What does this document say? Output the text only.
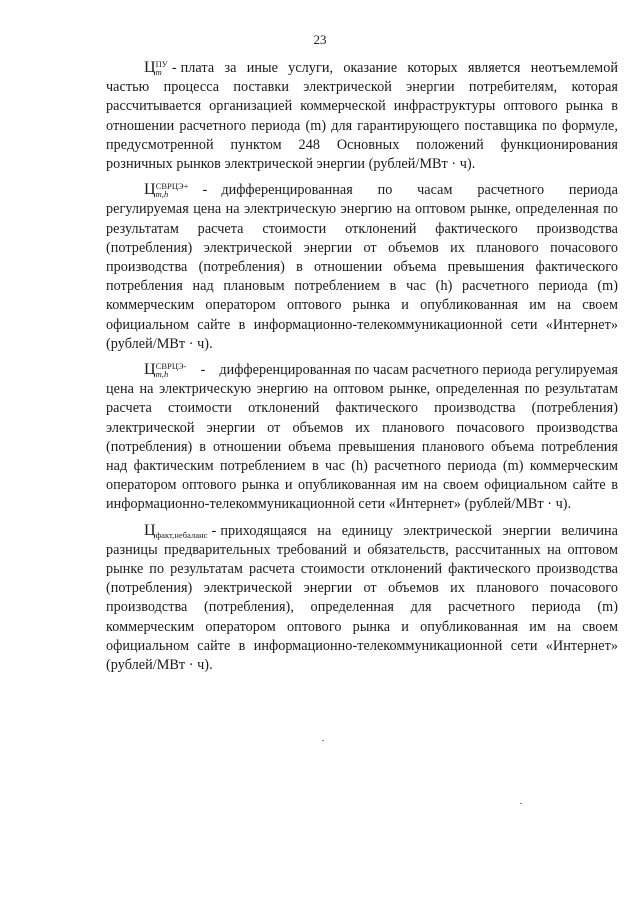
23

Ц ПУ
m - плата за иные услуги, оказание которых является неотъемлемой частью процесса поставки электрической энергии потребителям, которая рассчитывается организацией коммерческой инфраструктуры оптового рынка в отношении расчетного периода (m) для гарантирующего поставщика по формуле, предусмотренной пунктом 248 Основных положений функционирования розничных рынков электрической энергии (рублей/МВт · ч).

Ц СВРЦЭ+
m,h	- дифференцированная по часам расчетного периода регулируемая цена на электрическую энергию на оптовом рынке, определенная по результатам расчета стоимости отклонений фактического производства (потребления) электрической энергии от объемов их планового почасового производства (потребления) в отношении объема превышения фактического потребления над плановым потреблением в час (h) расчетного периода (m) коммерческим оператором оптового рынка и опубликованная им на своем официальном сайте в информационно-телекоммуникационной сети «Интернет» (рублей/МВт · ч).

Ц СВРЦЭ-
m,h	- дифференцированная по часам расчетного периода регулируемая цена на электрическую энергию на оптовом рынке, определенная по результатам расчета стоимости отклонений фактического производства (потребления) электрической энергии от объемов их планового почасового производства (потребления) в отношении объема превышения планового объема потребления над фактическим потреблением в час (h) расчетного периода (m) коммерческим оператором оптового рынка и опубликованная им на своем официальном сайте в информационно-телекоммуникационной сети «Интернет» (рублей/МВт · ч).

Ц факт,небаланс - приходящаяся на единицу электрической энергии величина разницы предварительных требований и обязательств, рассчитанных на оптовом рынке по результатам расчета стоимости отклонений фактического производства (потребления) электрической энергии от объемов их планового почасового производства (потребления), определенная для расчетного периода (m) коммерческим оператором оптового рынка и опубликованная им на своем официальном сайте в информационно-телекоммуникационной сети «Интернет» (рублей/МВт · ч).
